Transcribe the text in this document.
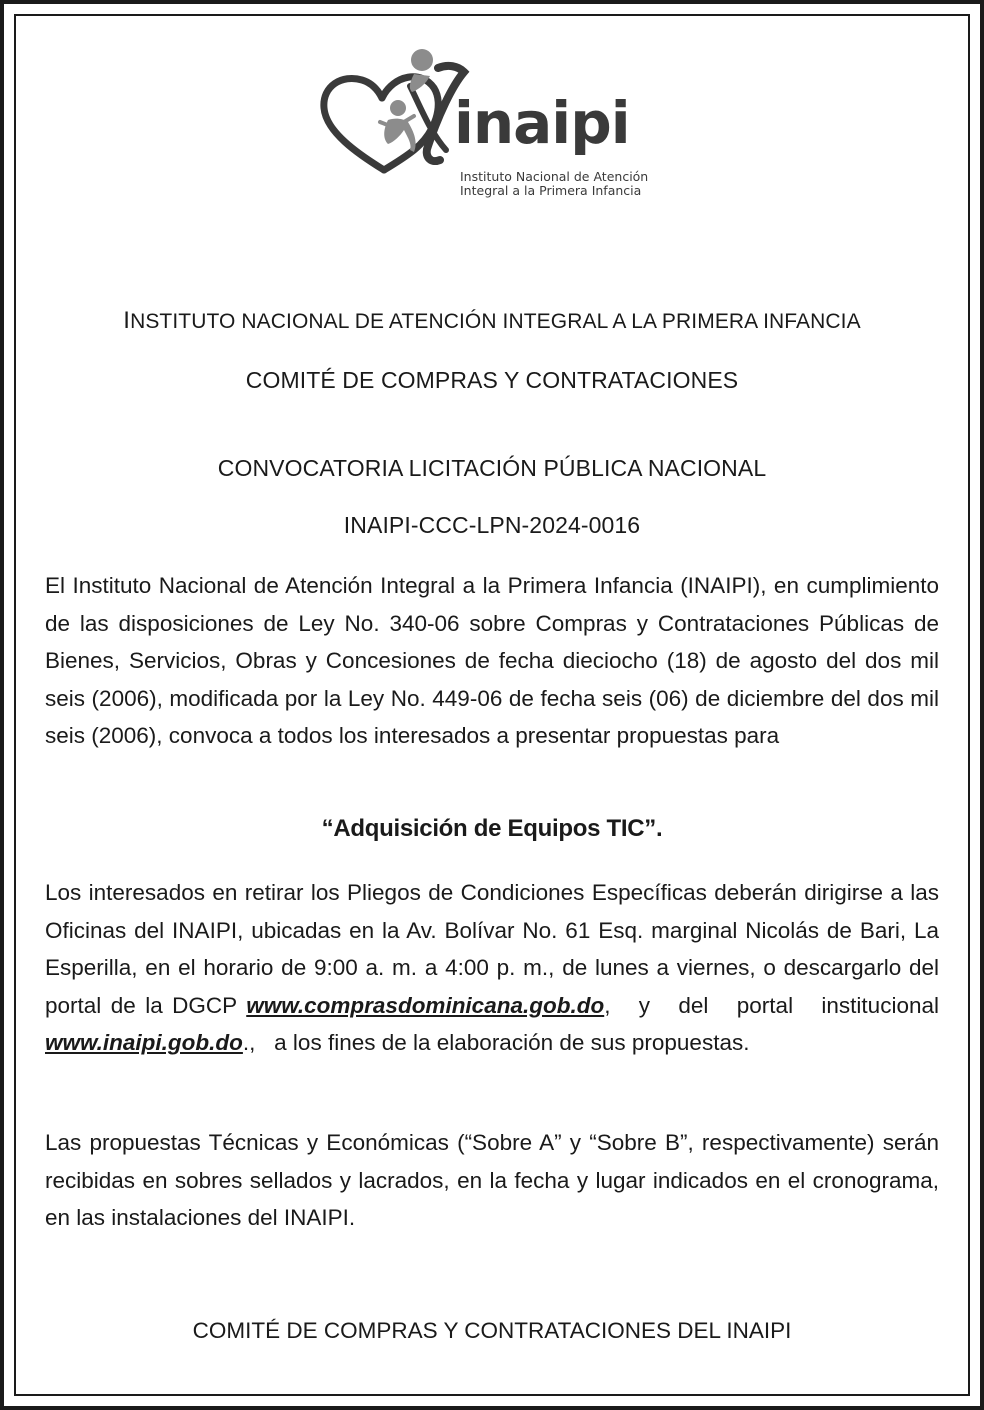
inaipi
Instituto Nacional de Atención
Integral a la Primera Infancia
INSTITUTO NACIONAL DE ATENCIÓN INTEGRAL A LA PRIMERA INFANCIA
COMITÉ DE COMPRAS Y CONTRATACIONES
CONVOCATORIA LICITACIÓN PÚBLICA NACIONAL
INAIPI-CCC-LPN-2024-0016
El Instituto Nacional de Atención Integral a la Primera Infancia (INAIPI), en cumplimiento de las disposiciones de Ley No. 340-06 sobre Compras y Contrataciones Públicas de Bienes, Servicios, Obras y Concesiones de fecha dieciocho (18) de agosto del dos mil seis (2006), modificada por la Ley No. 449-06 de fecha seis (06) de diciembre del dos mil seis (2006), convoca a todos los interesados a presentar propuestas para
“Adquisición de Equipos TIC”.
Los interesados en retirar los Pliegos de Condiciones Específicas deberán dirigirse a las Oficinas del INAIPI, ubicadas en la Av. Bolívar No. 61 Esq. marginal Nicolás de Bari, La Esperilla, en el horario de 9:00 a. m. a 4:00 p. m., de lunes a viernes, o descargarlo del portal de la DGCP www.comprasdominicana.gob.do,   y   del   portal   institucional www.inaipi.gob.do.,   a los fines de la elaboración de sus propuestas.
Las propuestas Técnicas y Económicas (“Sobre A” y “Sobre B”, respectivamente) serán recibidas en sobres sellados y lacrados, en la fecha y lugar indicados en el cronograma, en las instalaciones del INAIPI.
COMITÉ DE COMPRAS Y CONTRATACIONES DEL INAIPI
